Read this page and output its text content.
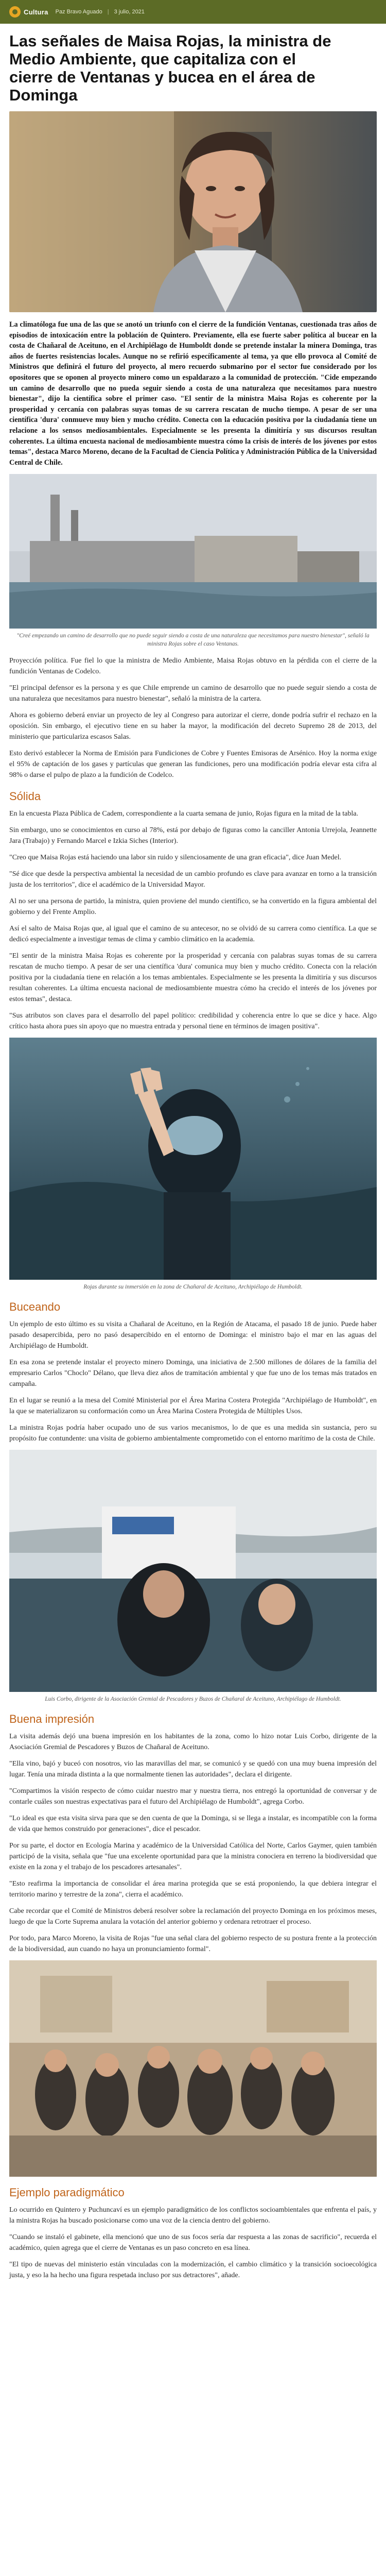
Cultura Paz Bravo Aguado | 3 julio, 2021
Las señales de Maisa Rojas, la ministra de Medio Ambiente, que capitaliza con el cierre de Ventanas y bucea en el área de Dominga

La climatóloga fue una de las que se anotó un triunfo con el cierre de la fundición Ventanas, cuestionada tras años de episodios de intoxicación entre la población de Quintero. Previamente, ella ese fuerte saber política al bucear en la costa de Chañaral de Aceituno, en el Archipiélago de Humboldt donde se pretende instalar la minera Dominga, tras años de fuertes resistencias locales. Aunque no se refirió específicamente al tema, ya que ello provoca al Comité de Ministros que definirá el futuro del proyecto, al mero recuerdo submarino por el sector fue considerado por los opositores que se oponen al proyecto minero como un espaldarazo a la comunidad de protección. "Cide empezando un camino de desarrollo que no pueda seguir siendo a costa de una naturaleza que necesitamos para nuestro bienestar", dijo la científica sobre el primer caso. "El sentir de la ministra Maisa Rojas es coherente por la prosperidad y cercanía con palabras suyas tomas de su carrera rescatan de mucho tiempo. A pesar de ser una científica 'dura' conmueve muy bien y mucho crédito. Conecta con la educación positiva por la ciudadanía tiene un relacione a los sensos mediosambientales. Especialmente se les presenta la dimitiría y sus discursos resultan coherentes. La última encuesta nacional de mediosambiente muestra cómo la crisis de interés de los jóvenes por estos temas", destaca Marco Moreno, decano de la Facultad de Ciencia Política y Administración Pública de la Universidad Central de Chile.

"Creé empezando un camino de desarrollo que no puede seguir siendo a costa de una naturaleza que necesitamos para nuestro bienestar", señaló la ministra Rojas sobre el caso Ventanas.

Proyección política. Fue fiel lo que la ministra de Medio Ambiente, Maisa Rojas obtuvo en la pérdida con el cierre de la fundición Ventanas de Codelco.

"El principal defensor es la persona y es que Chile emprende un camino de desarrollo que no puede seguir siendo a costa de una naturaleza que necesitamos para nuestro bienestar", señaló la ministra de la cartera.

Ahora es gobierno deberá enviar un proyecto de ley al Congreso para autorizar el cierre, donde podría sufrir el rechazo en la oposición. Sin embargo, el ejecutivo tiene en su haber la mayor, la modificación del decreto Supremo 28 de 2013, del ministerio que particulariza escasos Salas.

Esto derivó establecer la Norma de Emisión para Fundiciones de Cobre y Fuentes Emisoras de Arsénico. Hoy la norma exige el 95% de captación de los gases y partículas que generan las fundiciones, pero una modificación podría elevar esta cifra al 98% o darse el pulpo de plazo a la fundición de Codelco.

Sólida

En la encuesta Plaza Pública de Cadem, correspondiente a la cuarta semana de junio, Rojas figura en la mitad de la tabla.

Sin embargo, uno se conocimientos en curso al 78%, está por debajo de figuras como la canciller Antonia Urrejola, Jeannette Jara (Trabajo) y Fernando Marcel e Izkia Siches (Interior).

"Creo que Maisa Rojas está haciendo una labor sin ruido y silenciosamente de una gran eficacia", dice Juan Medel.

"Sé dice que desde la perspectiva ambiental la necesidad de un cambio profundo es clave para avanzar en torno a la transición justa de los territorios", dice el académico de la Universidad Mayor.

Al no ser una persona de partido, la ministra, quien proviene del mundo científico, se ha convertido en la figura ambiental del gobierno y del Frente Amplio.

Así el salto de Maisa Rojas que, al igual que el camino de su antecesor, no se olvidó de su carrera como científica. La que se dedicó especialmente a investigar temas de clima y cambio climático en la academia.

"El sentir de la ministra Maisa Rojas es coherente por la prosperidad y cercanía con palabras suyas tomas de su carrera rescatan de mucho tiempo. A pesar de ser una científica 'dura' comunica muy bien y mucho crédito. Conecta con la relación positiva por la ciudadanía tiene en relación a los temas ambientales. Especialmente se les presenta la dimitiría y sus discursos resultan coherentes. La última encuesta nacional de mediosambiente muestra cómo ha crecido el interés de los jóvenes por estos temas", destaca.

"Sus atributos son claves para el desarrollo del papel político: credibilidad y coherencia entre lo que se dice y hace. Algo crítico hasta ahora pues sin apoyo que no muestra entrada y personal tiene en términos de imagen positiva".

Rojas durante su inmersión en la zona de Chañaral de Aceituno, Archipiélago de Humboldt.

Buceando

Un ejemplo de esto último es su visita a Chañaral de Aceituno, en la Región de Atacama, el pasado 18 de junio. Puede haber pasado desapercibida, pero no pasó desapercibido en el entorno de Dominga: el ministro bajo el mar en las aguas del Archipiélago de Humboldt.

En esa zona se pretende instalar el proyecto minero Dominga, una iniciativa de 2.500 millones de dólares de la familia del empresario Carlos "Choclo" Délano, que lleva diez años de tramitación ambiental y que fue uno de los temas más tratados en campaña.

En el lugar se reunió a la mesa del Comité Ministerial por el Área Marina Costera Protegida "Archipiélago de Humboldt", en la que se materializaron su conformación como un Área Marina Costera Protegida de Múltiples Usos.

La ministra Rojas podría haber ocupado uno de sus varios mecanismos, lo de que es una medida sin sustancia, pero su propósito fue contundente: una visita de gobierno ambientalmente comprometido con el entorno marítimo de la costa de Chile.

Luis Corbo, dirigente de la Asociación Gremial de Pescadores y Buzos de Chañaral de Aceituno, Archipiélago de Humboldt.

Buena impresión

La visita además dejó una buena impresión en los habitantes de la zona, como lo hizo notar Luis Corbo, dirigente de la Asociación Gremial de Pescadores y Buzos de Chañaral de Aceituno.

"Ella vino, bajó y buceó con nosotros, vio las maravillas del mar, se comunicó y se quedó con una muy buena impresión del lugar. Tenía una mirada distinta a la que normalmente tienen las autoridades", declara el dirigente.

"Compartimos la visión respecto de cómo cuidar nuestro mar y nuestra tierra, nos entregó la oportunidad de conversar y de contarle cuáles son nuestras expectativas para el futuro del Archipiélago de Humboldt", agrega Corbo.

"Lo ideal es que esta visita sirva para que se den cuenta de que la Dominga, si se llega a instalar, es incompatible con la forma de vida que hemos construido por generaciones", dice el pescador.

Por su parte, el doctor en Ecología Marina y académico de la Universidad Católica del Norte, Carlos Gaymer, quien también participó de la visita, señala que "fue una excelente oportunidad para que la ministra conociera en terreno la biodiversidad que existe en la zona y el trabajo de los pescadores artesanales".

"Esto reafirma la importancia de consolidar el área marina protegida que se está proponiendo, la que debiera integrar el territorio marino y terrestre de la zona", cierra el académico.

Cabe recordar que el Comité de Ministros deberá resolver sobre la reclamación del proyecto Dominga en los próximos meses, luego de que la Corte Suprema anulara la votación del anterior gobierno y ordenara retrotraer el proceso.

Por todo, para Marco Moreno, la visita de Rojas "fue una señal clara del gobierno respecto de su postura frente a la protección de la biodiversidad, aun cuando no haya un pronunciamiento formal".

Ejemplo paradigmático

Lo ocurrido en Quintero y Puchuncaví es un ejemplo paradigmático de los conflictos socioambientales que enfrenta el país, y la ministra Rojas ha buscado posicionarse como una voz de la ciencia dentro del gobierno.

"Cuando se instaló el gabinete, ella mencionó que uno de sus focos sería dar respuesta a las zonas de sacrificio", recuerda el académico, quien agrega que el cierre de Ventanas es un paso concreto en esa línea.

"El tipo de nuevas del ministerio están vinculadas con la modernización, el cambio climático y la transición socioecológica justa, y eso la ha hecho una figura respetada incluso por sus detractores", añade.
